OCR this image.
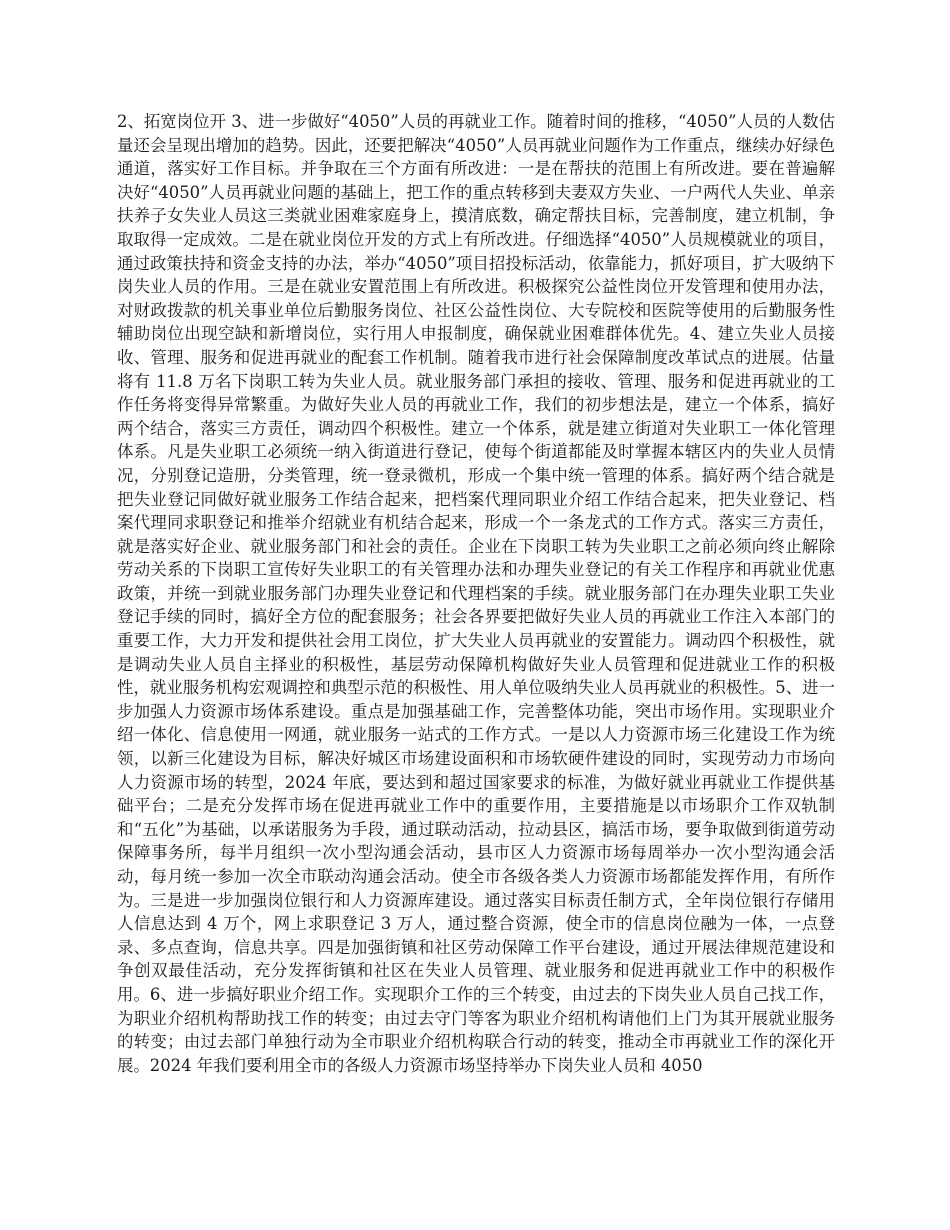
2、拓宽岗位开 3、进一步做好“4050”人员的再就业工作。随着时间的推移，“4050”人员的人数估量还会呈现出增加的趋势。因此，还要把解决“4050”人员再就业问题作为工作重点，继续办好绿色通道，落实好工作目标。并争取在三个方面有所改进：一是在帮扶的范围上有所改进。要在普遍解决好“4050”人员再就业问题的基础上，把工作的重点转移到夫妻双方失业、一户两代人失业、单亲扶养子女失业人员这三类就业困难家庭身上，摸清底数，确定帮扶目标，完善制度，建立机制，争取取得一定成效。二是在就业岗位开发的方式上有所改进。仔细选择“4050”人员规模就业的项目，通过政策扶持和资金支持的办法，举办“4050”项目招投标活动，依靠能力，抓好项目，扩大吸纳下岗失业人员的作用。三是在就业安置范围上有所改进。积极探究公益性岗位开发管理和使用办法，对财政拨款的机关事业单位后勤服务岗位、社区公益性岗位、大专院校和医院等使用的后勤服务性辅助岗位出现空缺和新增岗位，实行用人申报制度，确保就业困难群体优先。4、建立失业人员接收、管理、服务和促进再就业的配套工作机制。随着我市进行社会保障制度改革试点的进展。估量将有 11.8 万名下岗职工转为失业人员。就业服务部门承担的接收、管理、服务和促进再就业的工作任务将变得异常繁重。为做好失业人员的再就业工作，我们的初步想法是，建立一个体系，搞好两个结合，落实三方责任，调动四个积极性。建立一个体系，就是建立街道对失业职工一体化管理体系。凡是失业职工必须统一纳入街道进行登记，使每个街道都能及时掌握本辖区内的失业人员情况，分别登记造册，分类管理，统一登录微机，形成一个集中统一管理的体系。搞好两个结合就是把失业登记同做好就业服务工作结合起来，把档案代理同职业介绍工作结合起来，把失业登记、档案代理同求职登记和推举介绍就业有机结合起来，形成一个一条龙式的工作方式。落实三方责任，就是落实好企业、就业服务部门和社会的责任。企业在下岗职工转为失业职工之前必须向终止解除劳动关系的下岗职工宣传好失业职工的有关管理办法和办理失业登记的有关工作程序和再就业优惠政策，并统一到就业服务部门办理失业登记和代理档案的手续。就业服务部门在办理失业职工失业登记手续的同时，搞好全方位的配套服务；社会各界要把做好失业人员的再就业工作注入本部门的重要工作，大力开发和提供社会用工岗位，扩大失业人员再就业的安置能力。调动四个积极性，就是调动失业人员自主择业的积极性，基层劳动保障机构做好失业人员管理和促进就业工作的积极性，就业服务机构宏观调控和典型示范的积极性、用人单位吸纳失业人员再就业的积极性。5、进一步加强人力资源市场体系建设。重点是加强基础工作，完善整体功能，突出市场作用。实现职业介绍一体化、信息使用一网通，就业服务一站式的工作方式。一是以人力资源市场三化建设工作为统领，以新三化建设为目标，解决好城区市场建设面积和市场软硬件建设的同时，实现劳动力市场向人力资源市场的转型，2024 年底，要达到和超过国家要求的标准，为做好就业再就业工作提供基础平台；二是充分发挥市场在促进再就业工作中的重要作用，主要措施是以市场职介工作双轨制和“五化”为基础，以承诺服务为手段，通过联动活动，拉动县区，搞活市场，要争取做到街道劳动保障事务所，每半月组织一次小型沟通会活动，县市区人力资源市场每周举办一次小型沟通会活动，每月统一参加一次全市联动沟通会活动。使全市各级各类人力资源市场都能发挥作用，有所作为。三是进一步加强岗位银行和人力资源库建设。通过落实目标责任制方式，全年岗位银行存储用人信息达到 4 万个，网上求职登记 3 万人，通过整合资源，使全市的信息岗位融为一体，一点登录、多点查询，信息共享。四是加强街镇和社区劳动保障工作平台建设，通过开展法律规范建设和争创双最佳活动，充分发挥街镇和社区在失业人员管理、就业服务和促进再就业工作中的积极作用。6、进一步搞好职业介绍工作。实现职介工作的三个转变，由过去的下岗失业人员自己找工作，为职业介绍机构帮助找工作的转变；由过去守门等客为职业介绍机构请他们上门为其开展就业服务的转变；由过去部门单独行动为全市职业介绍机构联合行动的转变，推动全市再就业工作的深化开展。2024 年我们要利用全市的各级人力资源市场坚持举办下岗失业人员和 4050
